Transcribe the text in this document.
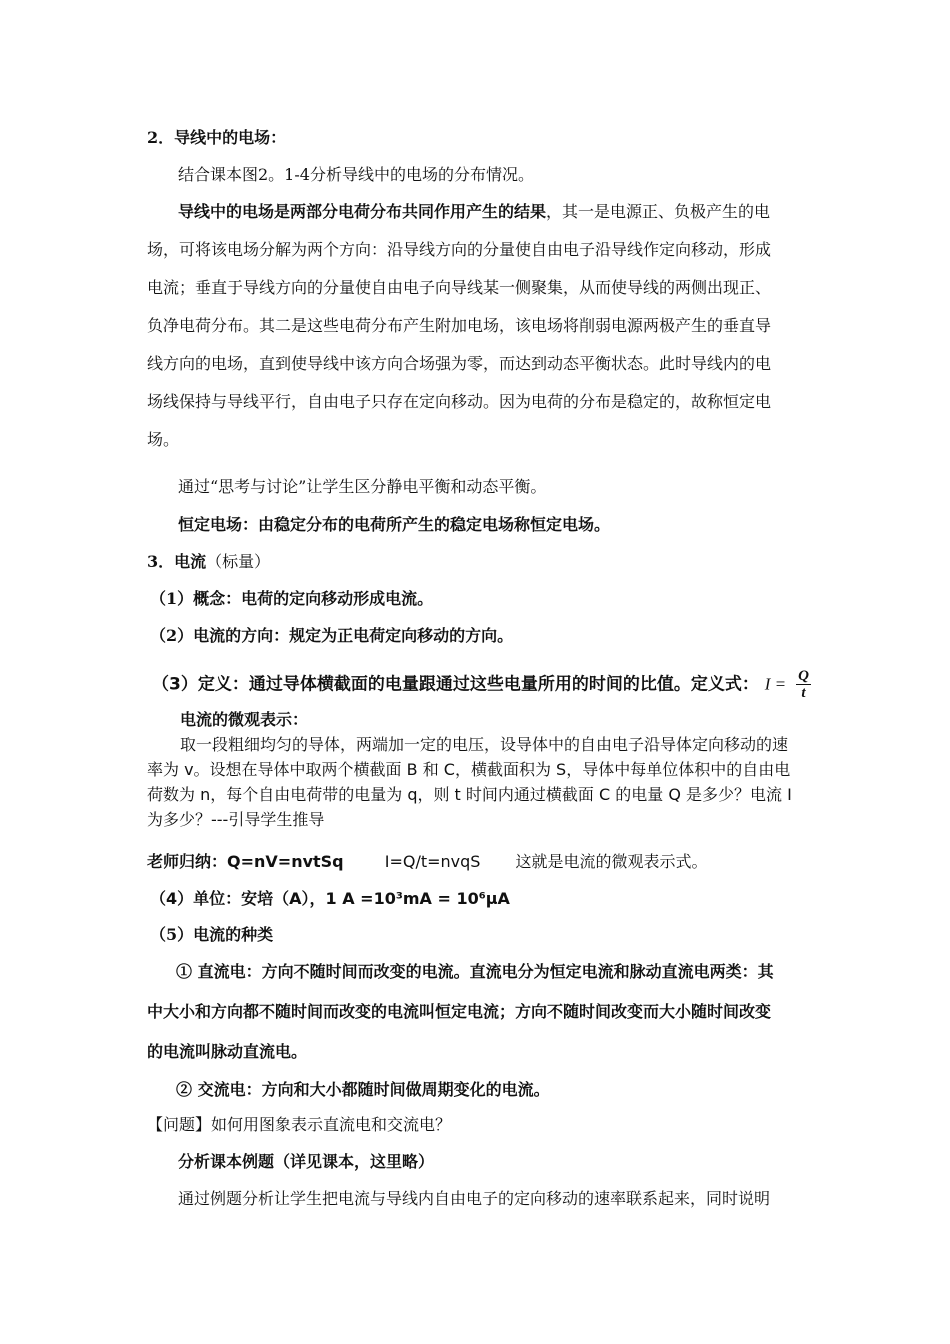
2．导线中的电场：
结合课本图2。1-4分析导线中的电场的分布情况。
导线中的电场是两部分电荷分布共同作用产生的结果，其一是电源正、负极产生的电
场，可将该电场分解为两个方向：沿导线方向的分量使自由电子沿导线作定向移动，形成
电流；垂直于导线方向的分量使自由电子向导线某一侧聚集，从而使导线的两侧出现正、
负净电荷分布。其二是这些电荷分布产生附加电场，该电场将削弱电源两极产生的垂直导
线方向的电场，直到使导线中该方向合场强为零，而达到动态平衡状态。此时导线内的电
场线保持与导线平行，自由电子只存在定向移动。因为电荷的分布是稳定的，故称恒定电
场。
通过“思考与讨论”让学生区分静电平衡和动态平衡。
恒定电场：由稳定分布的电荷所产生的稳定电场称恒定电场。
3．电流（标量）
（1）概念：电荷的定向移动形成电流。
（2）电流的方向：规定为正电荷定向移动的方向。
（3）定义：通过导体横截面的电量跟通过这些电量所用的时间的比值。定义式： $I = \frac{Q}{t}$
电流的微观表示：
取一段粗细均匀的导体，两端加一定的电压，设导体中的自由电子沿导体定向移动的速
率为 v。设想在导体中取两个横截面 B 和 C，横截面积为 S，导体中每单位体积中的自由电
荷数为 n，每个自由电荷带的电量为 q，则 t 时间内通过横截面 C 的电量 Q 是多少？电流 I
为多少？---引导学生推导
老师归纳：Q=nV=nvtSq	I=Q/t=nvqS 这就是电流的微观表示式。
（4）单位：安培（A），1 A =10³mA = 10⁶μA
（5）电流的种类
① 直流电：方向不随时间而改变的电流。直流电分为恒定电流和脉动直流电两类：其
中大小和方向都不随时间而改变的电流叫恒定电流；方向不随时间改变而大小随时间改变
的电流叫脉动直流电。
② 交流电：方向和大小都随时间做周期变化的电流。
【问题】如何用图象表示直流电和交流电？
分析课本例题（详见课本，这里略）
通过例题分析让学生把电流与导线内自由电子的定向移动的速率联系起来，同时说明
